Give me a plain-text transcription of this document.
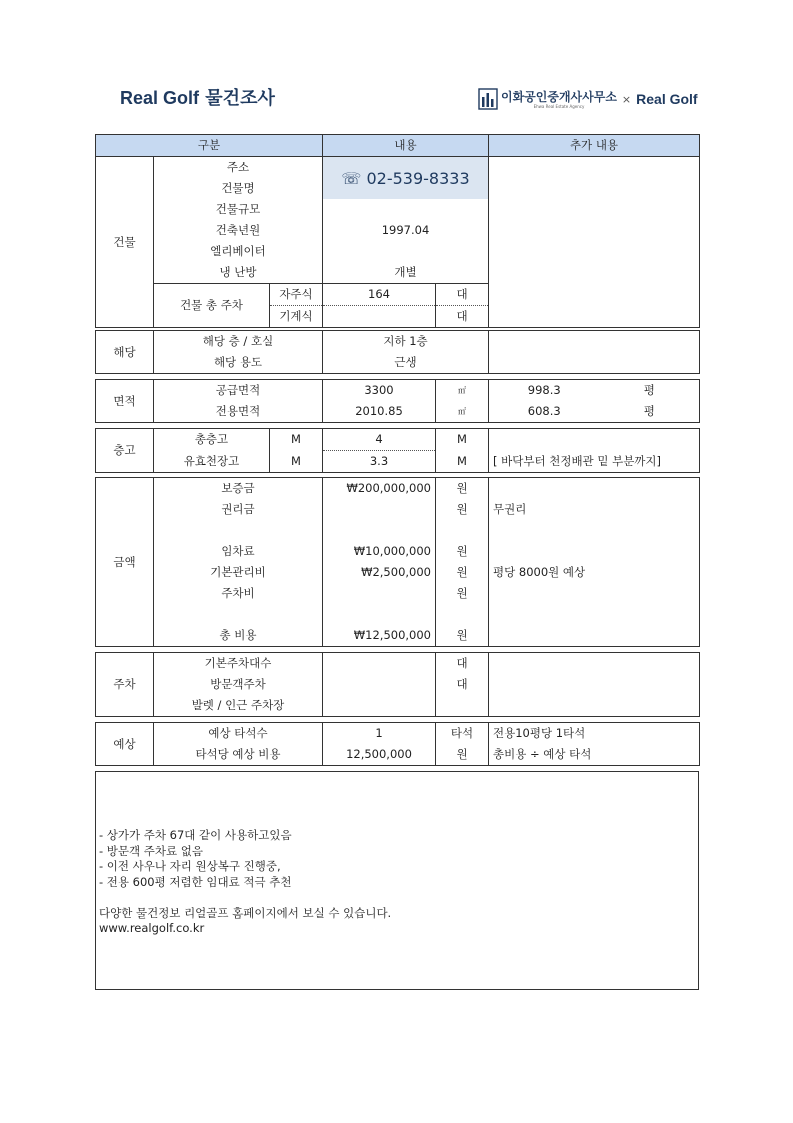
Real Golf 물건조사	이화공인중개사사무소
Ehwa Real Estate Agency
× Real Golf
구분			내용		추가 내용
건물	주소		☏ 02-539-8333		
	건물명				
	건물규모				
	건축년원		1997.04		
	엘리베이터				
	냉 난방		개별		
	건물 총 주차	자주식	164	대	
		기계식		대	
해당	해당 층 / 호실	지하 1층	
	해당 용도	근생	
면적	공급면적	3300	㎡	998.3	평
	전용면적	2010.85	㎡	608.3	평
층고	총층고	M	4	M	
	유효천장고	M	3.3	M	[ 바닥부터 천정배관 밑 부분까지]
금액	보증금	₩200,000,000	원	
	권리금		원	무권리

	임차료	₩10,000,000	원	
	기본관리비	₩2,500,000	원	평당 8000원 예상
	주차비		원	

	총 비용	₩12,500,000	원	
주차	기본주차대수		대	
	방문객주차		대	
	발렛 / 인근 주차장			
예상	예상 타석수	1	타석	전용10평당 1타석
	타석당 예상 비용	12,500,000	원	총비용 ÷ 예상 타석
- 상가가 주차 67대 같이 사용하고있음
- 방문객 주차료 없음
- 이전 사우나 자리 원상복구 진행중,
- 전용 600평 저렴한 임대료 적극 추천
다양한 물건정보 리얼골프 홈페이지에서 보실 수 있습니다.
www.realgolf.co.kr
